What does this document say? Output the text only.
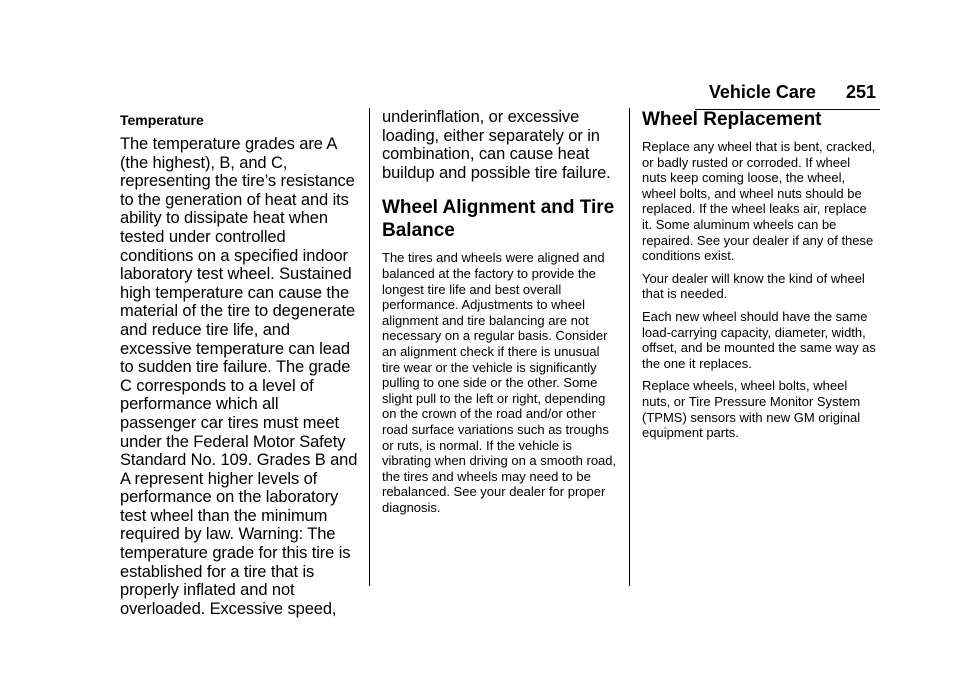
Vehicle Care 251
Temperature

The temperature grades are A (the highest), B, and C, representing the tire’s resistance to the generation of heat and its ability to dissipate heat when tested under controlled conditions on a specified indoor laboratory test wheel. Sustained high temperature can cause the material of the tire to degenerate and reduce tire life, and excessive temperature can lead to sudden tire failure. The grade C corresponds to a level of performance which all passenger car tires must meet under the Federal Motor Safety Standard No. 109. Grades B and A represent higher levels of performance on the laboratory test wheel than the minimum required by law. Warning: The temperature grade for this tire is established for a tire that is properly inflated and not overloaded. Excessive speed,

underinflation, or excessive loading, either separately or in combination, can cause heat buildup and possible tire failure.

Wheel Alignment and Tire Balance

The tires and wheels were aligned and balanced at the factory to provide the longest tire life and best overall performance. Adjustments to wheel alignment and tire balancing are not necessary on a regular basis. Consider an alignment check if there is unusual tire wear or the vehicle is significantly pulling to one side or the other. Some slight pull to the left or right, depending on the crown of the road and/or other road surface variations such as troughs or ruts, is normal. If the vehicle is vibrating when driving on a smooth road, the tires and wheels may need to be rebalanced. See your dealer for proper diagnosis.

Wheel Replacement

Replace any wheel that is bent, cracked, or badly rusted or corroded. If wheel nuts keep coming loose, the wheel, wheel bolts, and wheel nuts should be replaced. If the wheel leaks air, replace it. Some aluminum wheels can be repaired. See your dealer if any of these conditions exist.

Your dealer will know the kind of wheel that is needed.

Each new wheel should have the same load-carrying capacity, diameter, width, offset, and be mounted the same way as the one it replaces.

Replace wheels, wheel bolts, wheel nuts, or Tire Pressure Monitor System (TPMS) sensors with new GM original equipment parts.
